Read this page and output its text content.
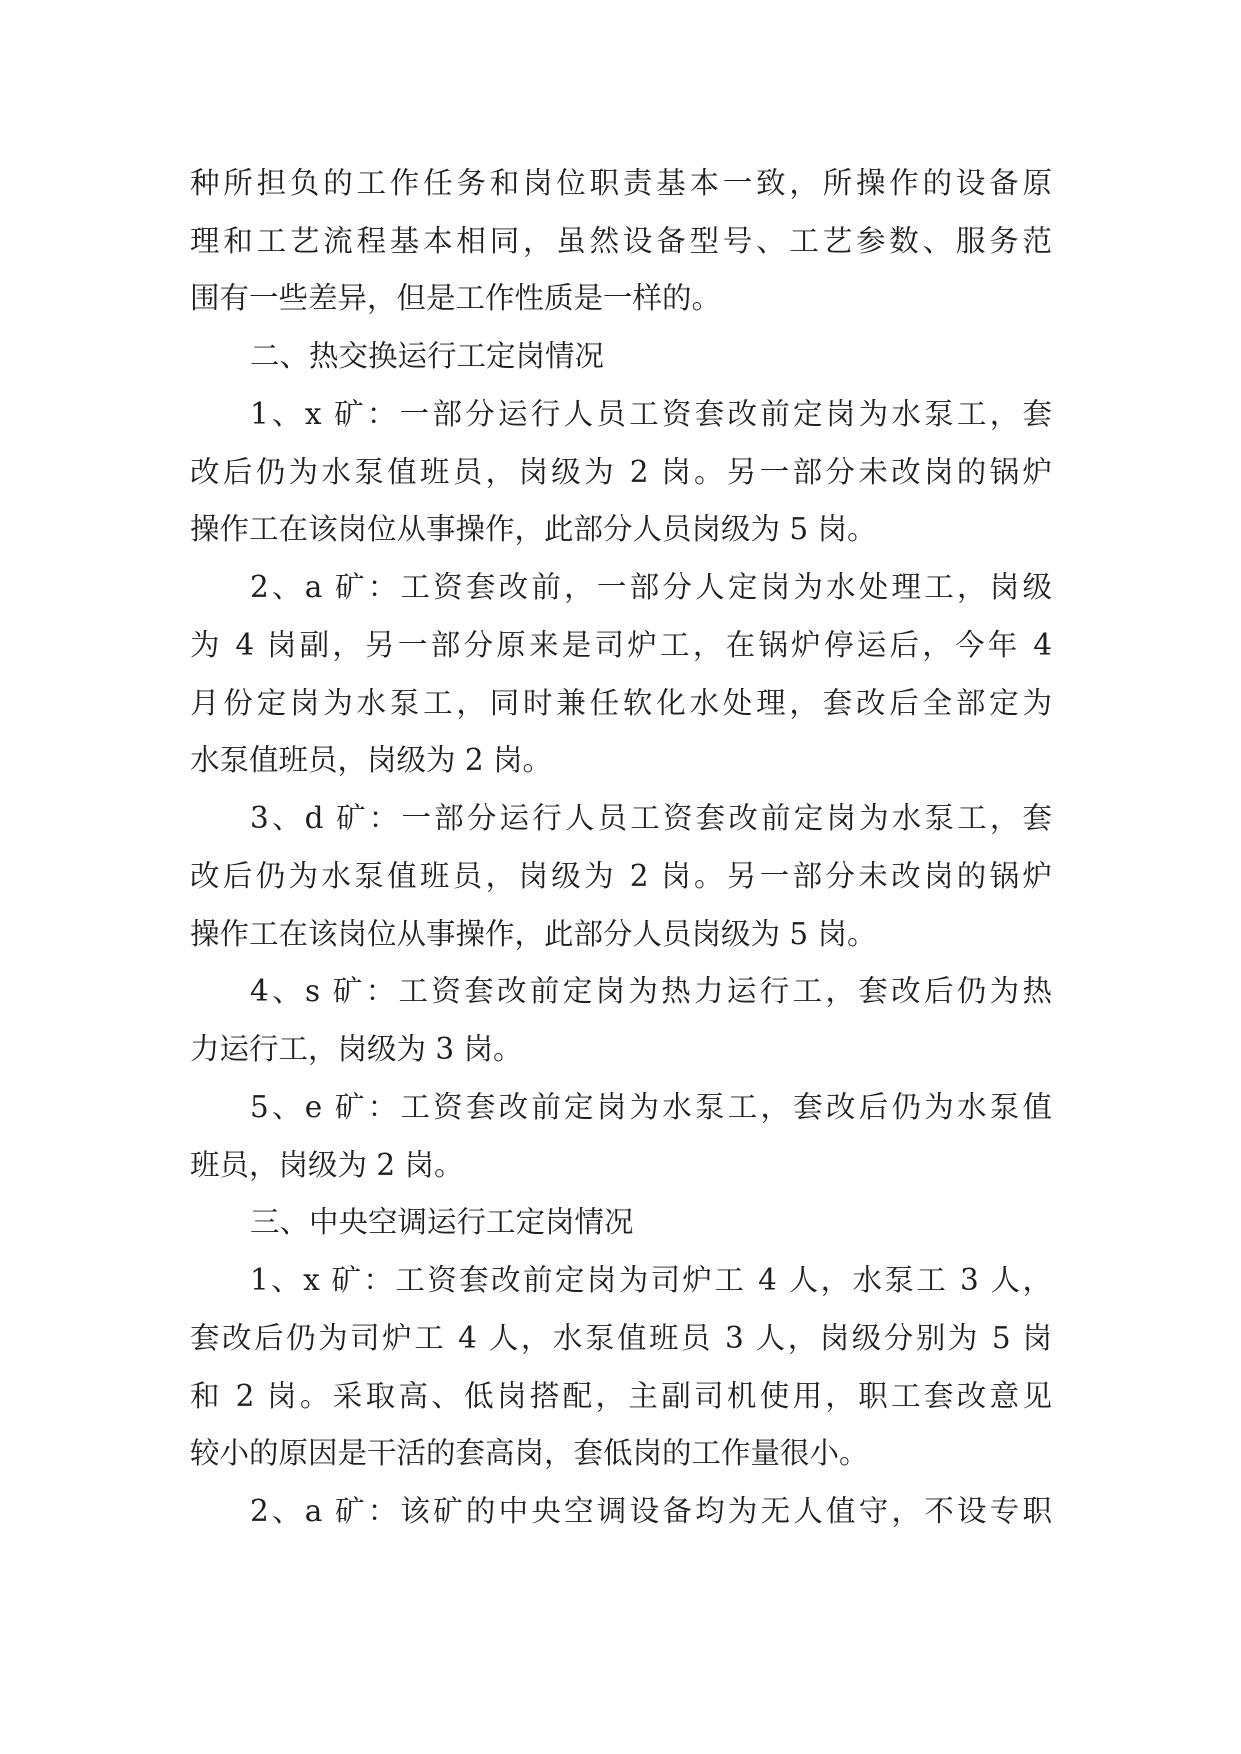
种所担负的工作任务和岗位职责基本一致，所操作的设备原
理和工艺流程基本相同，虽然设备型号、工艺参数、服务范
围有一些差异，但是工作性质是一样的。
二、热交换运行工定岗情况
1、x 矿：一部分运行人员工资套改前定岗为水泵工，套
改后仍为水泵值班员，岗级为 2 岗。另一部分未改岗的锅炉
操作工在该岗位从事操作，此部分人员岗级为 5 岗。
2、a 矿：工资套改前，一部分人定岗为水处理工，岗级
为 4 岗副，另一部分原来是司炉工，在锅炉停运后，今年 4
月份定岗为水泵工，同时兼任软化水处理，套改后全部定为
水泵值班员，岗级为 2 岗。
3、d 矿：一部分运行人员工资套改前定岗为水泵工，套
改后仍为水泵值班员，岗级为 2 岗。另一部分未改岗的锅炉
操作工在该岗位从事操作，此部分人员岗级为 5 岗。
4、s 矿：工资套改前定岗为热力运行工，套改后仍为热
力运行工，岗级为 3 岗。
5、e 矿：工资套改前定岗为水泵工，套改后仍为水泵值
班员，岗级为 2 岗。
三、中央空调运行工定岗情况
1、x 矿：工资套改前定岗为司炉工 4 人，水泵工 3 人，
套改后仍为司炉工 4 人，水泵值班员 3 人，岗级分别为 5 岗
和 2 岗。采取高、低岗搭配，主副司机使用，职工套改意见
较小的原因是干活的套高岗，套低岗的工作量很小。
2、a 矿：该矿的中央空调设备均为无人值守，不设专职
